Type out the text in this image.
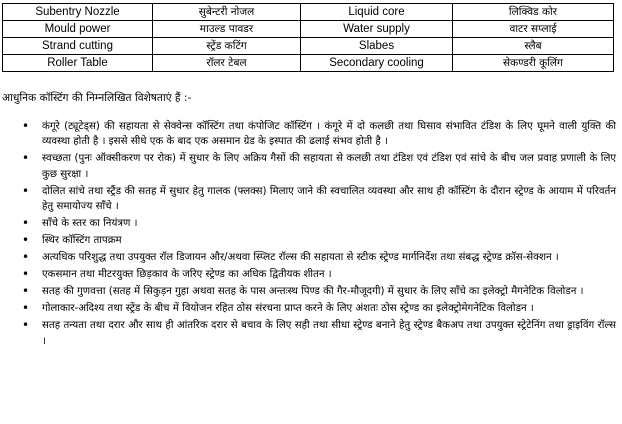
Subentry Nozzle	सुबेन्टरी नोजल	Liquid core	लिक्विड कोर
Mould power	माउल्ड पावडर	Water supply	वाटर सप्लाई
Strand cutting	स्ट्रेंड कटिंग	Slabes	स्लैब
Roller Table	रॉलर टेबल	Secondary cooling	सेकण्डरी कूलिंग
आधुनिक कॉस्टिंग की निम्नलिखित विशेषताएं हैं :-
• कंगूरे (ट्यूटेड्स) की सहायता से सेक्वेन्स कॉस्टिंग तथा कंपोजिट कॉस्टिंग । कंगूरे में दो कलछी तथा घिसाव संभावित टंडिश के लिए घूमने वाली युक्ति की व्यवस्था होती है । इससे सीधे एक के बाद एक असमान ग्रेड के इस्पात की ढलाई संभव होती है ।
• स्वच्छता (पुनः ऑक्सीकरण पर रोक) में सुधार के लिए अक्रिय गैसों की सहायता से कलछी तथा टंडिश एवं टंडिश एवं सांचे के बीच जल प्रवाह प्रणाली के लिए कुछ सुरक्षा ।
• दोलित सांचे तथा स्ट्रैंड की सतह में सुधार हेतु गालक (फ्लक्स) मिलाए जाने की स्वचालित व्यवस्था और साथ ही कॉस्टिंग के दौरान स्ट्रेण्ड के आयाम में परिवर्तन हेतु समायोज्य साँचे ।
• साँचे के स्तर का नियंत्रण ।
• स्थिर कॉस्टिंग तापक्रम
• अत्यधिक परिशुद्ध तथा उपयुक्त रॉल डिजायन और/अथवा स्प्लिट रॉल्स की सहायता से स्टीक स्ट्रेण्ड मार्गनिर्देश तथा संबद्ध स्ट्रेण्ड क्रॉस-सेक्शन ।
• एकसमान तथा मीटरयुक्त छिड़काव के जरिए स्ट्रेण्ड का अधिक द्वितीयक शीतन ।
• सतह की गुणवत्ता (सतह में सिकुड़न गुहा अथवा सतह के पास अन्तःस्थ पिण्ड की गैर-मौजूदगी) में सुधार के लिए साँचे का इलेक्ट्रो मैगनेटिक विलोडन ।
• गोलाकार-अदिश्य तथा स्ट्रेंड के बीच में वियोजन रहित ठोस संरचना प्राप्त करने के लिए अंशतः ठोस स्ट्रेण्ड का इलेक्ट्रोमेगनेटिक विलोडन ।
• सतह तन्यता तथा दरार और साथ ही आंतरिक दरार से बचाव के लिए सही तथा सीधा स्ट्रेण्ड बनाने हेतु स्ट्रेण्ड बैकअप तथा उपयुक्त स्ट्रेटेनिंग तथा ड्राइविंग रॉल्स ।
